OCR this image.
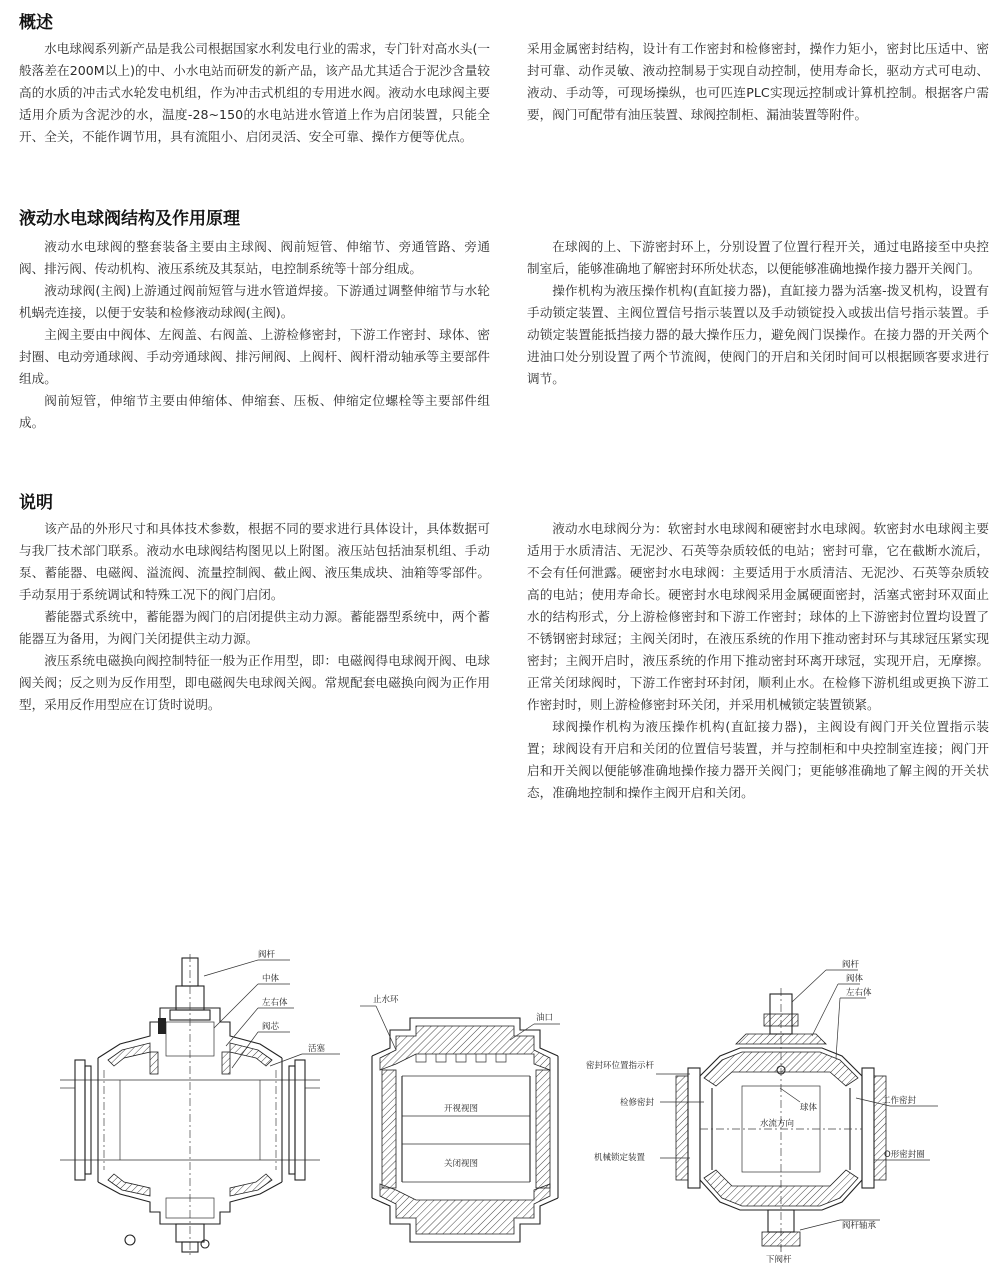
概述

水电球阀系列新产品是我公司根据国家水利发电行业的需求，专门针对高水头(一般落差在200M以上)的中、小水电站而研发的新产品，该产品尤其适合于泥沙含量较高的水质的冲击式水轮发电机组，作为冲击式机组的专用进水阀。液动水电球阀主要适用介质为含泥沙的水，温度-28~150的水电站进水管道上作为启闭装置，只能全开、全关，不能作调节用，具有流阻小、启闭灵活、安全可靠、操作方便等优点。

采用金属密封结构，设计有工作密封和检修密封，操作力矩小，密封比压适中、密封可靠、动作灵敏、液动控制易于实现自动控制，使用寿命长，驱动方式可电动、液动、手动等，可现场操纵，也可匹连PLC实现远控制或计算机控制。根据客户需要，阀门可配带有油压装置、球阀控制柜、漏油装置等附件。

液动水电球阀结构及作用原理

液动水电球阀的整套装备主要由主球阀、阀前短管、伸缩节、旁通管路、旁通阀、排污阀、传动机构、液压系统及其泵站，电控制系统等十部分组成。

液动球阀(主阀)上游通过阀前短管与进水管道焊接。下游通过调整伸缩节与水轮机蜗壳连接，以便于安装和检修液动球阀(主阀)。

主阀主要由中阀体、左阀盖、右阀盖、上游检修密封，下游工作密封、球体、密封圈、电动旁通球阀、手动旁通球阀、排污闸阀、上阀杆、阀杆滑动轴承等主要部件组成。

阀前短管，伸缩节主要由伸缩体、伸缩套、压板、伸缩定位螺栓等主要部件组成。

在球阀的上、下游密封环上，分别设置了位置行程开关，通过电路接至中央控制室后，能够准确地了解密封环所处状态，以便能够准确地操作接力器开关阀门。

操作机构为液压操作机构(直缸接力器)，直缸接力器为活塞-拨叉机构，设置有手动锁定装置、主阀位置信号指示装置以及手动锁锭投入或拔出信号指示装置。手动锁定装置能抵挡接力器的最大操作压力，避免阀门误操作。在接力器的开关两个进油口处分别设置了两个节流阀，使阀门的开启和关闭时间可以根据顾客要求进行调节。

说明

该产品的外形尺寸和具体技术参数，根据不同的要求进行具体设计，具体数据可与我厂技术部门联系。液动水电球阀结构图见以上附图。液压站包括油泵机组、手动泵、蓄能器、电磁阀、溢流阀、流量控制阀、截止阀、液压集成块、油箱等零部件。手动泵用于系统调试和特殊工况下的阀门启闭。

蓄能器式系统中，蓄能器为阀门的启闭提供主动力源。蓄能器型系统中，两个蓄能器互为备用，为阀门关闭提供主动力源。

液压系统电磁换向阀控制特征一般为正作用型，即：电磁阀得电球阀开阀、电球阀关阀；反之则为反作用型，即电磁阀失电球阀关阀。常规配套电磁换向阀为正作用型，采用反作用型应在订货时说明。

液动水电球阀分为：软密封水电球阀和硬密封水电球阀。软密封水电球阀主要适用于水质清洁、无泥沙、石英等杂质较低的电站；密封可靠，它在截断水流后，不会有任何泄露。硬密封水电球阀：主要适用于水质清洁、无泥沙、石英等杂质较高的电站；使用寿命长。硬密封水电球阀采用金属硬面密封，活塞式密封环双面止水的结构形式，分上游检修密封和下游工作密封；球体的上下游密封位置均设置了不锈钢密封球冠；主阀关闭时，在液压系统的作用下推动密封环与其球冠压紧实现密封；主阀开启时，液压系统的作用下推动密封环离开球冠，实现开启，无摩擦。正常关闭球阀时，下游工作密封环封闭，顺利止水。在检修下游机组或更换下游工作密封时，则上游检修密封环关闭，并采用机械锁定装置锁紧。

球阀操作机构为液压操作机构(直缸接力器)，主阀设有阀门开关位置指示装置；球阀设有开启和关闭的位置信号装置，并与控制柜和中央控制室连接；阀门开启和开关阀以便能够准确地操作接力器开关阀门；更能够准确地了解主阀的开关状态，准确地控制和操作主阀开启和关闭。

阀杆
中体
左右体
阀芯
活塞
止水环
油口
开视视图
关闭视图
阀杆
阀体
左右体
密封环位置指示杆
检修密封	球体
工作密封
水流方向
机械锁定装置	O形密封圈
阀杆轴承
下阀杆
